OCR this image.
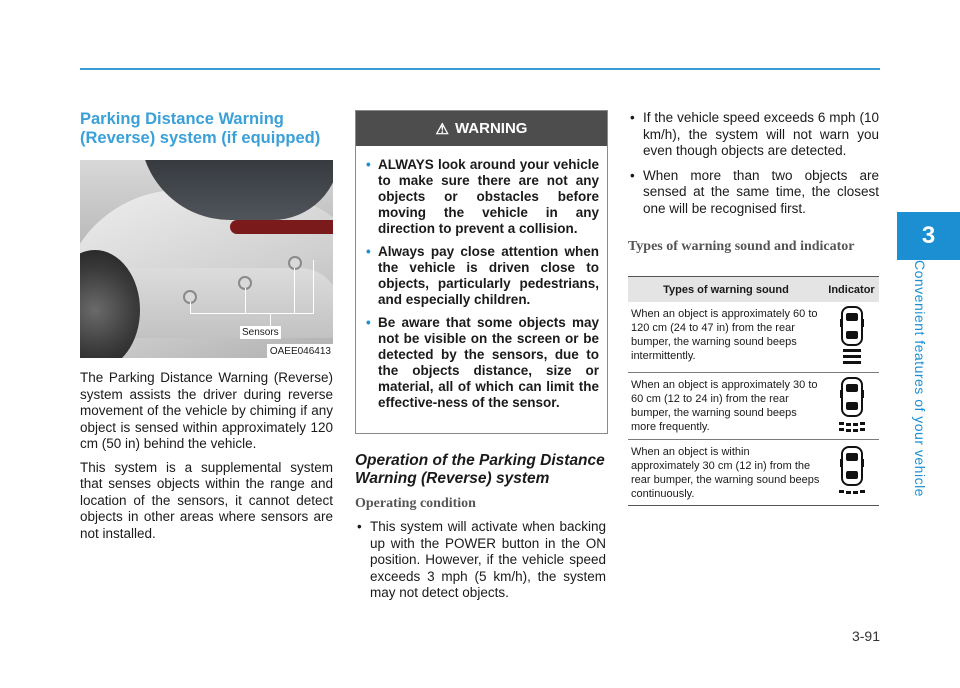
3
Convenient features of your vehicle
3-91
Parking Distance Warning (Reverse) system (if equipped)
Sensors
OAEE046413

The Parking Distance Warning (Reverse) system assists the driver during reverse movement of the vehicle by chiming if any object is sensed within approximately 120 cm (50 in) behind the vehicle.

This system is a supplemental system that senses objects within the range and location of the sensors, it cannot detect objects in other areas where sensors are not installed.

⚠ WARNING
• ALWAYS look around your vehicle to make sure there are not any objects or obstacles before moving the vehicle in any direction to prevent a collision.
• Always pay close attention when the vehicle is driven close to objects, particularly pedestrians, and especially children.
• Be aware that some objects may not be visible on the screen or be detected by the sensors, due to the objects distance, size or material, all of which can limit the effective-ness of the sensor.
Operation of the Parking Distance Warning (Reverse) system
Operating condition

• This system will activate when backing up with the POWER button in the ON position. However, if the vehicle speed exceeds 3 mph (5 km/h), the system may not detect objects.

• If the vehicle speed exceeds 6 mph (10 km/h), the system will not warn you even though objects are detected.

• When more than two objects are sensed at the same time, the closest one will be recognised first.

Types of warning sound and indicator
Types of warning sound	Indicator
When an object is approximately 60 to 120 cm (24 to 47 in) from the rear bumper, the warning sound beeps intermittently.	
When an object is approximately 30 to 60 cm (12 to 24 in) from the rear bumper, the warning sound beeps more frequently.	
When an object is within approximately 30 cm (12 in) from the rear bumper, the warning sound beeps continuously.	
